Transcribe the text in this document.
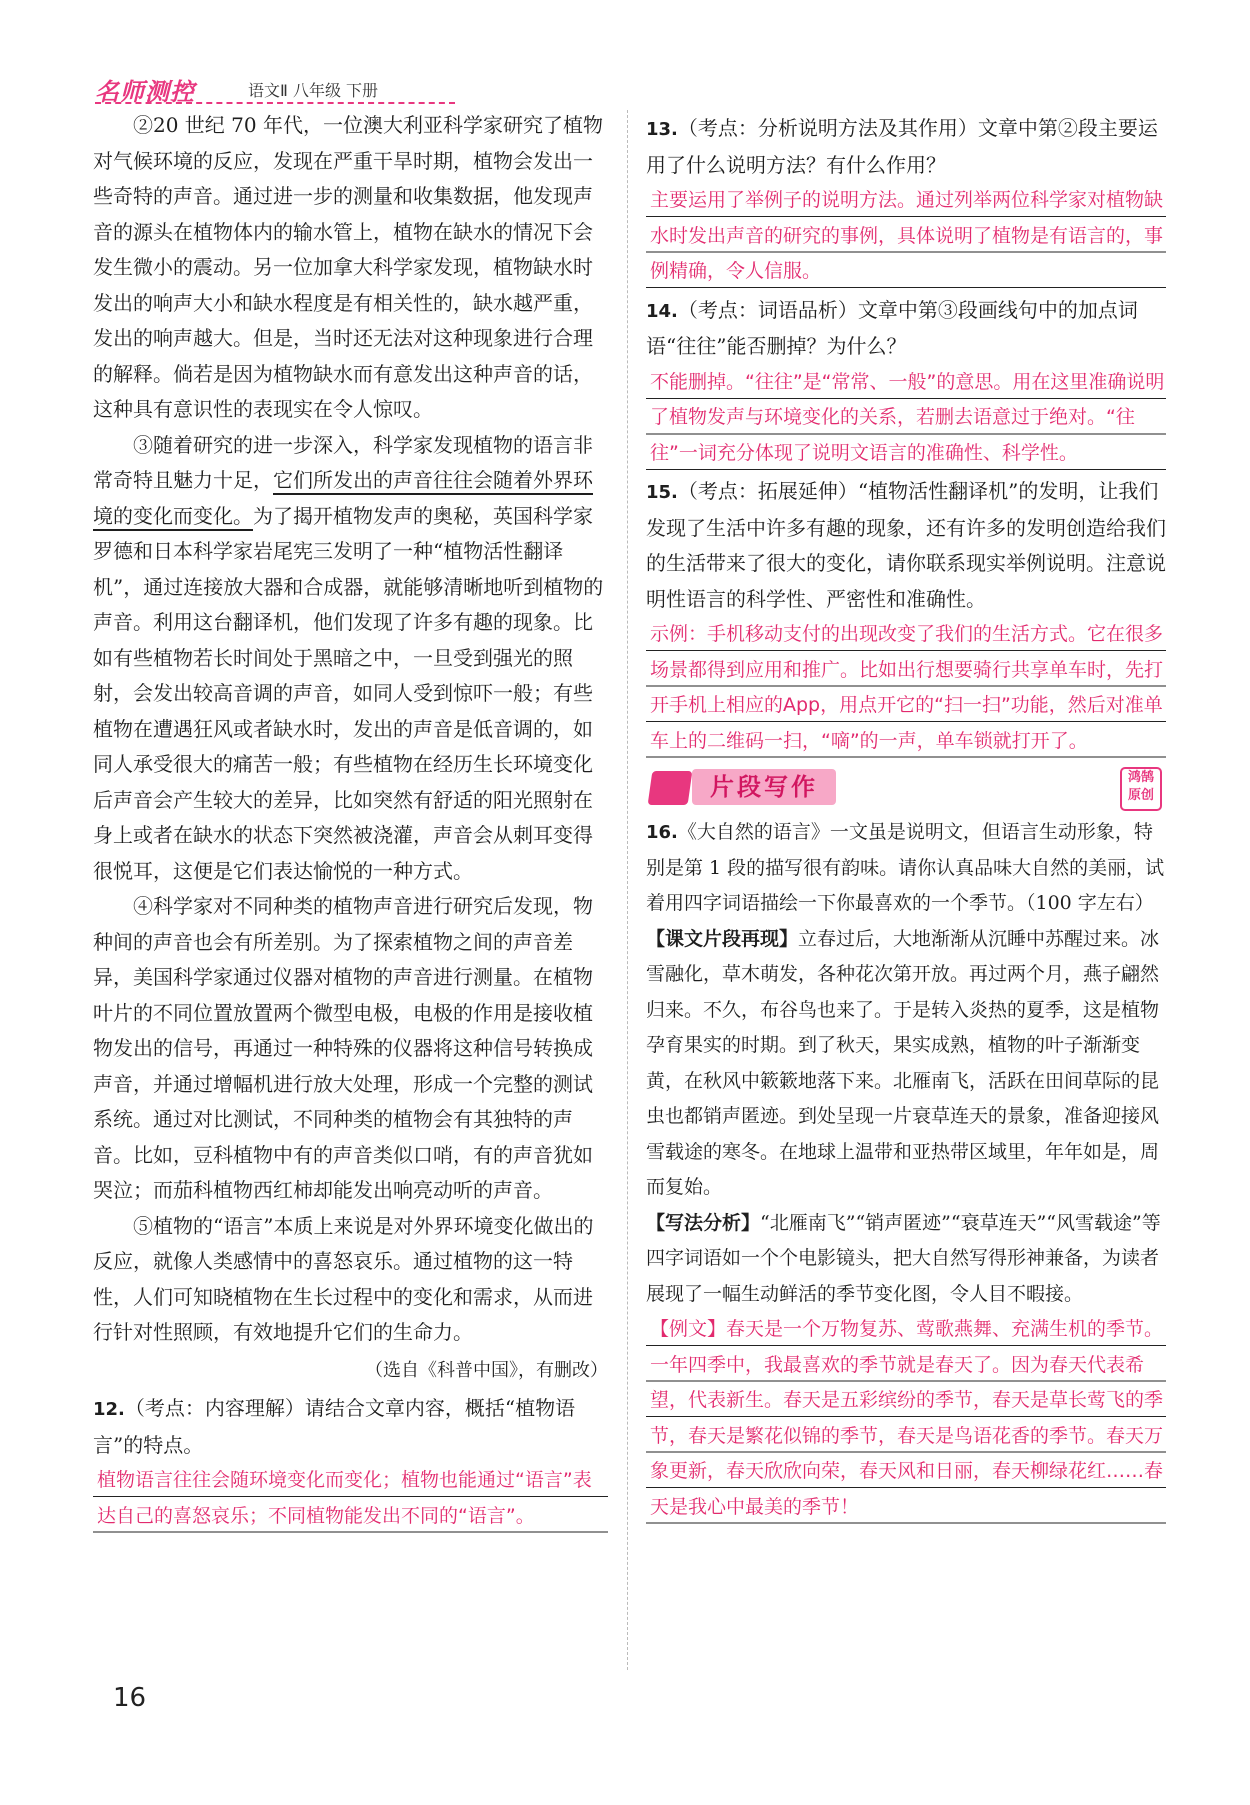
名师测控	语文Ⅱ 八年级 下册

②20 世纪 70 年代，一位澳大利亚科学家研究了植物对气候环境的反应，发现在严重干旱时期，植物会发出一些奇特的声音。通过进一步的测量和收集数据，他发现声音的源头在植物体内的输水管上，植物在缺水的情况下会发生微小的震动。另一位加拿大科学家发现，植物缺水时发出的响声大小和缺水程度是有相关性的，缺水越严重，发出的响声越大。但是，当时还无法对这种现象进行合理的解释。倘若是因为植物缺水而有意发出这种声音的话，这种具有意识性的表现实在令人惊叹。

③随着研究的进一步深入，科学家发现植物的语言非常奇特且魅力十足，它们所发出的声音往往会随着外界环境的变化而变化。为了揭开植物发声的奥秘，英国科学家罗德和日本科学家岩尾宪三发明了一种“植物活性翻译机”，通过连接放大器和合成器，就能够清晰地听到植物的声音。利用这台翻译机，他们发现了许多有趣的现象。比如有些植物若长时间处于黑暗之中，一旦受到强光的照射，会发出较高音调的声音，如同人受到惊吓一般；有些植物在遭遇狂风或者缺水时，发出的声音是低音调的，如同人承受很大的痛苦一般；有些植物在经历生长环境变化后声音会产生较大的差异，比如突然有舒适的阳光照射在身上或者在缺水的状态下突然被浇灌，声音会从刺耳变得很悦耳，这便是它们表达愉悦的一种方式。

④科学家对不同种类的植物声音进行研究后发现，物种间的声音也会有所差别。为了探索植物之间的声音差异，美国科学家通过仪器对植物的声音进行测量。在植物叶片的不同位置放置两个微型电极，电极的作用是接收植物发出的信号，再通过一种特殊的仪器将这种信号转换成声音，并通过增幅机进行放大处理，形成一个完整的测试系统。通过对比测试，不同种类的植物会有其独特的声音。比如，豆科植物中有的声音类似口哨，有的声音犹如哭泣；而茄科植物西红柿却能发出响亮动听的声音。

⑤植物的“语言”本质上来说是对外界环境变化做出的反应，就像人类感情中的喜怒哀乐。通过植物的这一特性，人们可知晓植物在生长过程中的变化和需求，从而进行针对性照顾，有效地提升它们的生命力。

（选自《科普中国》，有删改）

12.（考点：内容理解）请结合文章内容，概括“植物语言”的特点。

植物语言往往会随环境变化而变化；植物也能通过“语言”表达自己的喜怒哀乐；不同植物能发出不同的“语言”。

13.（考点：分析说明方法及其作用）文章中第②段主要运用了什么说明方法？有什么作用？

主要运用了举例子的说明方法。通过列举两位科学家对植物缺水时发出声音的研究的事例，具体说明了植物是有语言的，事例精确，令人信服。

14.（考点：词语品析）文章中第③段画线句中的加点词语“往往”能否删掉？为什么？

不能删掉。“往往”是“常常、一般”的意思。用在这里准确说明了植物发声与环境变化的关系，若删去语意过于绝对。“往往”一词充分体现了说明文语言的准确性、科学性。

15.（考点：拓展延伸）“植物活性翻译机”的发明，让我们发现了生活中许多有趣的现象，还有许多的发明创造给我们的生活带来了很大的变化，请你联系现实举例说明。注意说明性语言的科学性、严密性和准确性。

示例：手机移动支付的出现改变了我们的生活方式。它在很多场景都得到应用和推广。比如出行想要骑行共享单车时，先打开手机上相应的App，用点开它的“扫一扫”功能，然后对准单车上的二维码一扫，“嘀”的一声，单车锁就打开了。

片段写作	鸿鹄原创

16.《大自然的语言》一文虽是说明文，但语言生动形象，特别是第 1 段的描写很有韵味。请你认真品味大自然的美丽，试着用四字词语描绘一下你最喜欢的一个季节。（100 字左右）

【课文片段再现】立春过后，大地渐渐从沉睡中苏醒过来。冰雪融化，草木萌发，各种花次第开放。再过两个月，燕子翩然归来。不久，布谷鸟也来了。于是转入炎热的夏季，这是植物孕育果实的时期。到了秋天，果实成熟，植物的叶子渐渐变黄，在秋风中簌簌地落下来。北雁南飞，活跃在田间草际的昆虫也都销声匿迹。到处呈现一片衰草连天的景象，准备迎接风雪载途的寒冬。在地球上温带和亚热带区域里，年年如是，周而复始。

【写法分析】“北雁南飞”“销声匿迹”“衰草连天”“风雪载途”等四字词语如一个个电影镜头，把大自然写得形神兼备，为读者展现了一幅生动鲜活的季节变化图，令人目不暇接。

【例文】春天是一个万物复苏、莺歌燕舞、充满生机的季节。一年四季中，我最喜欢的季节就是春天了。因为春天代表希望，代表新生。春天是五彩缤纷的季节，春天是草长莺飞的季节，春天是繁花似锦的季节，春天是鸟语花香的季节。春天万象更新，春天欣欣向荣，春天风和日丽，春天柳绿花红……春天是我心中最美的季节！

16
